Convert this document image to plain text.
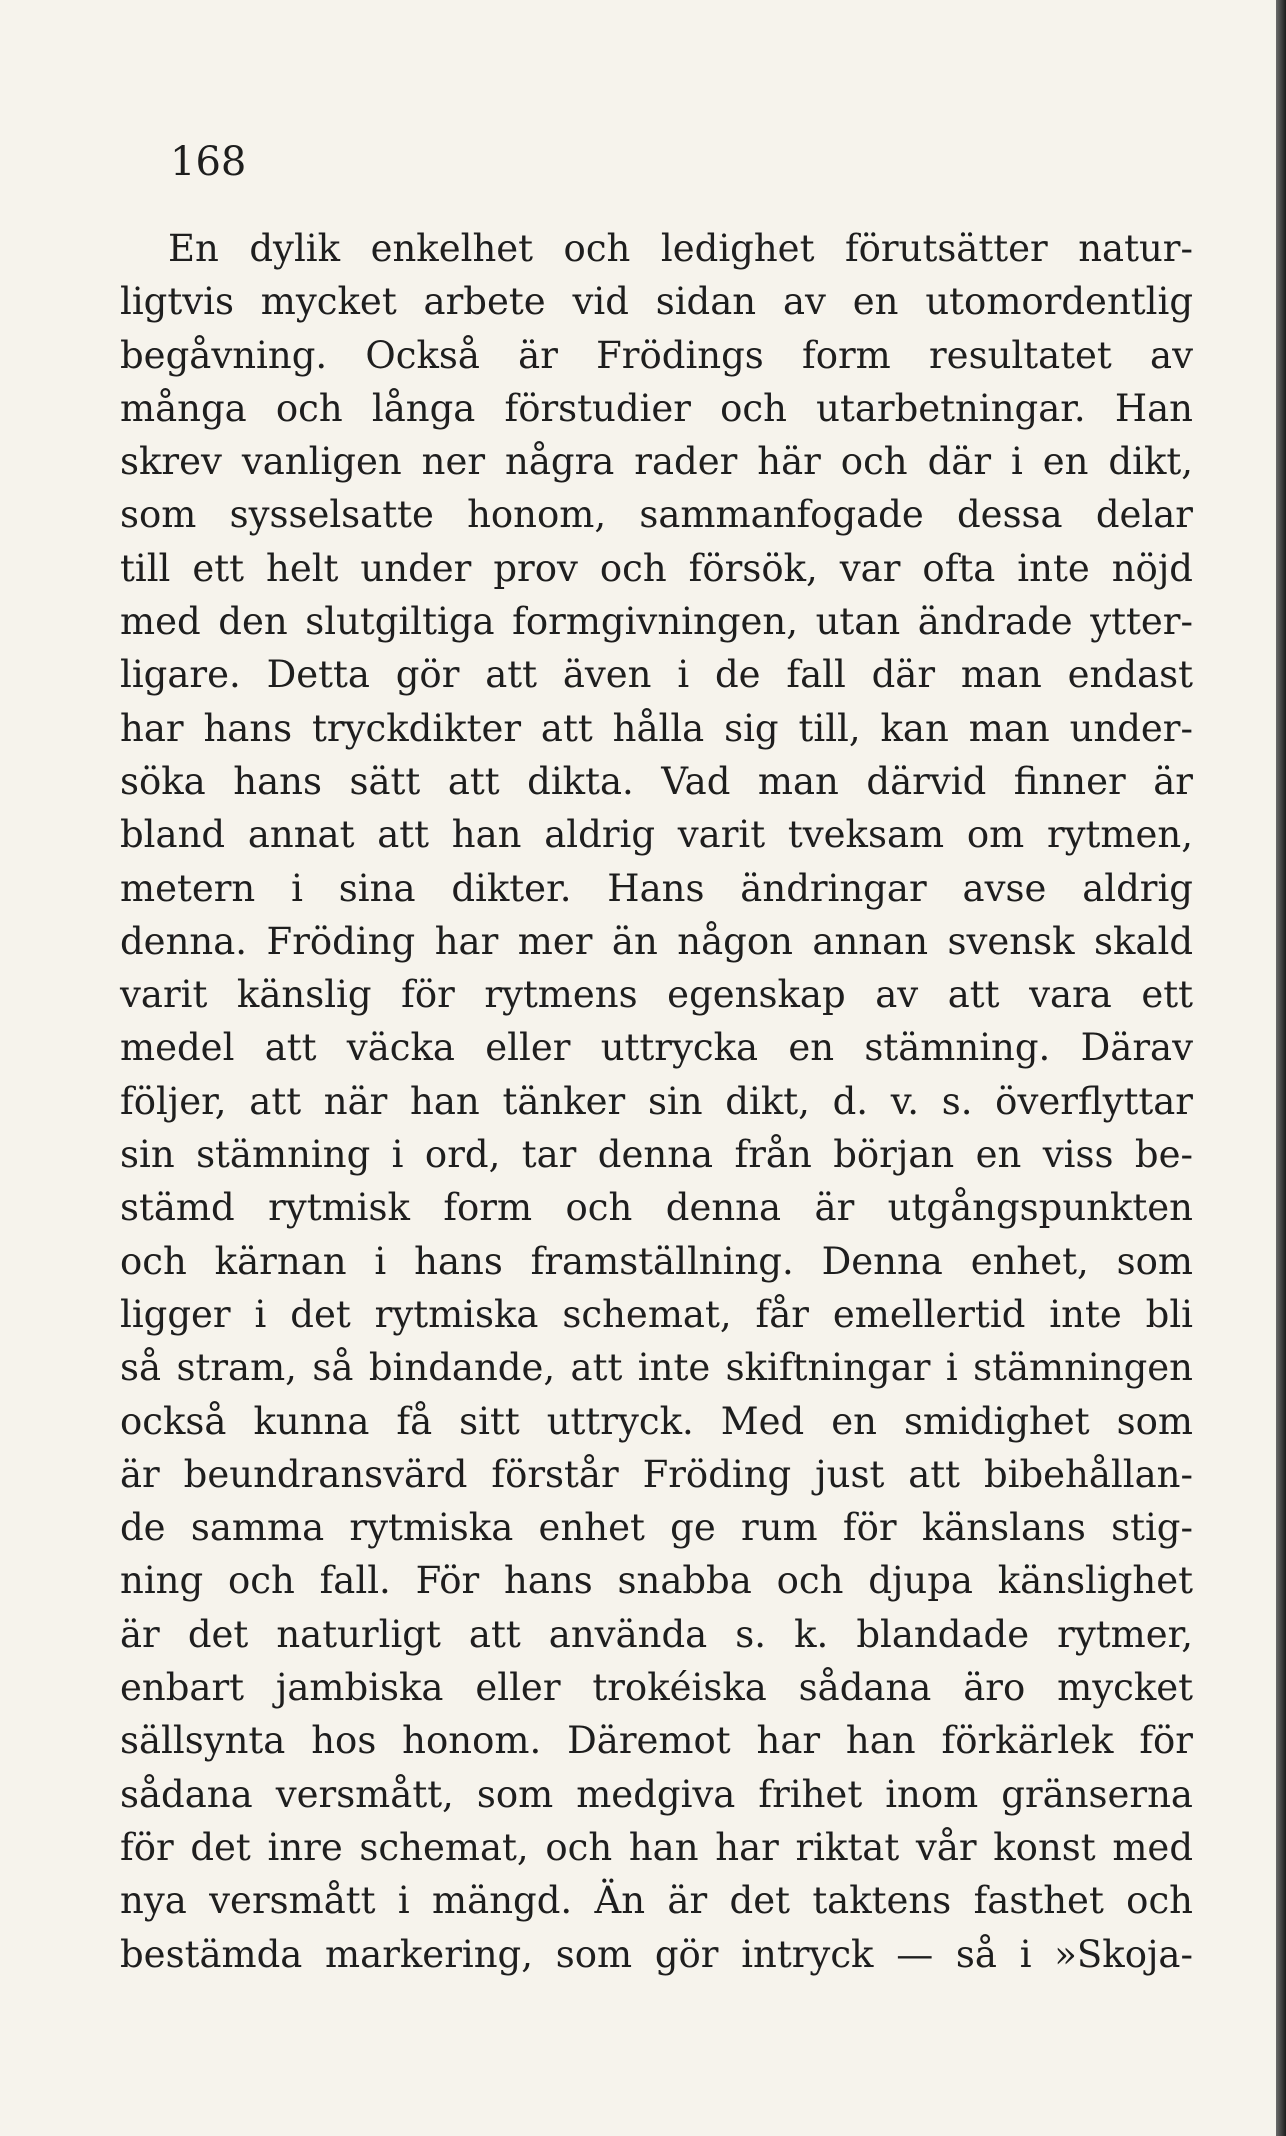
168
En dylik enkelhet och ledighet förutsätter natur-
ligtvis mycket arbete vid sidan av en utomordentlig
begåvning. Också är Frödings form resultatet av
många och långa förstudier och utarbetningar. Han
skrev vanligen ner några rader här och där i en dikt,
som sysselsatte honom, sammanfogade dessa delar
till ett helt under prov och försök, var ofta inte nöjd
med den slutgiltiga formgivningen, utan ändrade ytter-
ligare. Detta gör att även i de fall där man endast
har hans tryckdikter att hålla sig till, kan man under-
söka hans sätt att dikta. Vad man därvid finner är
bland annat att han aldrig varit tveksam om rytmen,
metern i sina dikter. Hans ändringar avse aldrig
denna. Fröding har mer än någon annan svensk skald
varit känslig för rytmens egenskap av att vara ett
medel att väcka eller uttrycka en stämning. Därav
följer, att när han tänker sin dikt, d. v. s. överflyttar
sin stämning i ord, tar denna från början en viss be-
stämd rytmisk form och denna är utgångspunkten
och kärnan i hans framställning. Denna enhet, som
ligger i det rytmiska schemat, får emellertid inte bli
så stram, så bindande, att inte skiftningar i stämningen
också kunna få sitt uttryck. Med en smidighet som
är beundransvärd förstår Fröding just att bibehållan-
de samma rytmiska enhet ge rum för känslans stig-
ning och fall. För hans snabba och djupa känslighet
är det naturligt att använda s. k. blandade rytmer,
enbart jambiska eller trokéiska sådana äro mycket
sällsynta hos honom. Däremot har han förkärlek för
sådana versmått, som medgiva frihet inom gränserna
för det inre schemat, och han har riktat vår konst med
nya versmått i mängd. Än är det taktens fasthet och
bestämda markering, som gör intryck — så i »Skoja-
